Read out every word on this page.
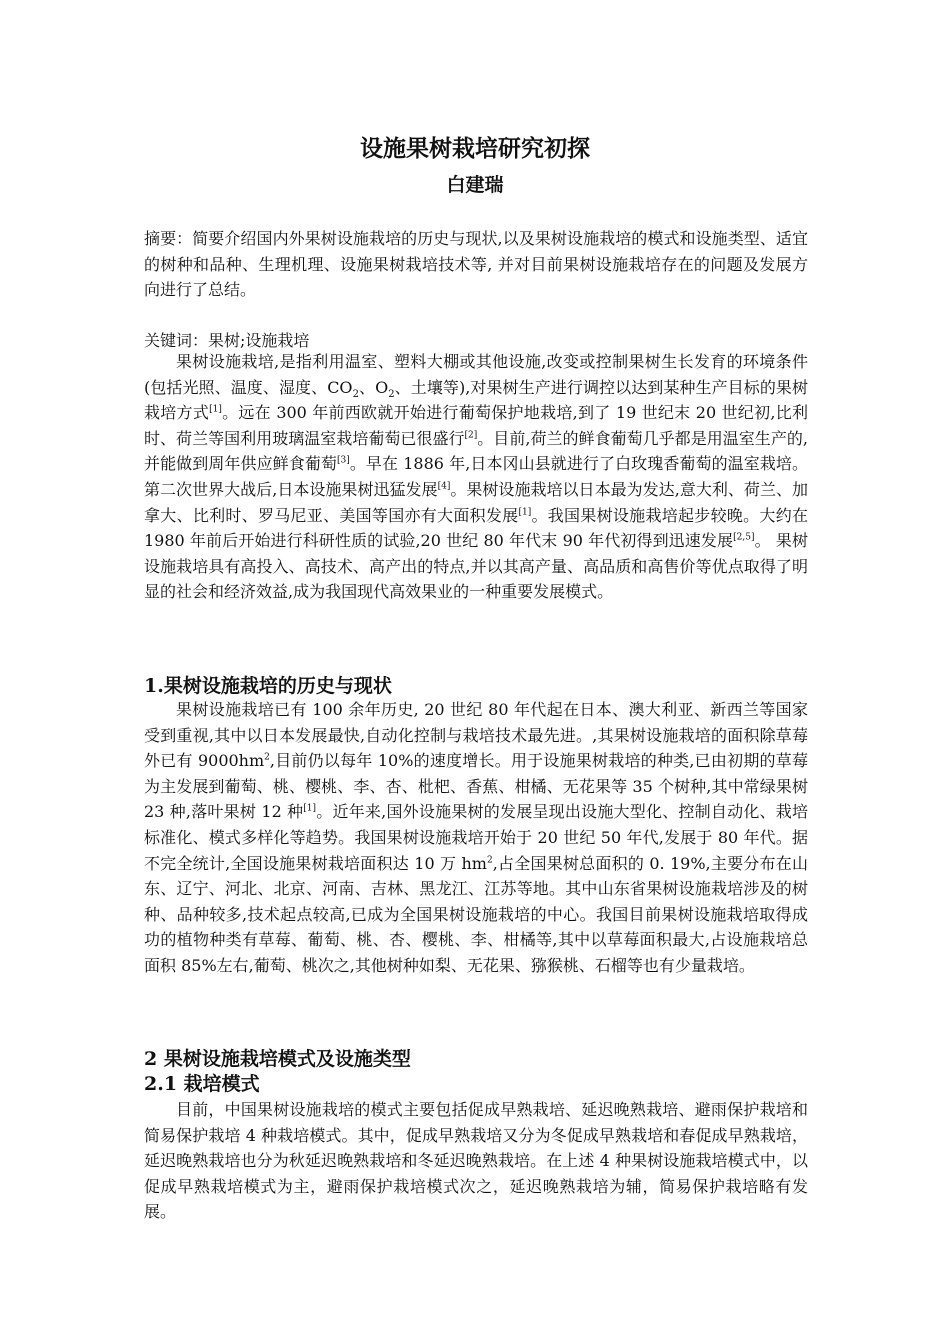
设施果树栽培研究初探
白建瑞
摘要：简要介绍国内外果树设施栽培的历史与现状,以及果树设施栽培的模式和设施类型、适宜的树种和品种、生理机理、设施果树栽培技术等, 并对目前果树设施栽培存在的问题及发展方向进行了总结。
关键词：果树;设施栽培
果树设施栽培,是指利用温室、塑料大棚或其他设施,改变或控制果树生长发育的环境条件(包括光照、温度、湿度、$CO_2$、$O_2$、土壤等),对果树生产进行调控以达到某种生产目标的果树栽培方式[1]。远在 300 年前西欧就开始进行葡萄保护地栽培,到了 19 世纪末 20 世纪初,比利时、荷兰等国利用玻璃温室栽培葡萄已很盛行[2]。目前,荷兰的鲜食葡萄几乎都是用温室生产的,并能做到周年供应鲜食葡萄[3]。早在 1886 年,日本冈山县就进行了白玫瑰香葡萄的温室栽培。第二次世界大战后,日本设施果树迅猛发展[4]。果树设施栽培以日本最为发达,意大利、荷兰、加拿大、比利时、罗马尼亚、美国等国亦有大面积发展[1]。我国果树设施栽培起步较晚。大约在 1980 年前后开始进行科研性质的试验,20 世纪 80 年代末 90 年代初得到迅速发展[2,5]。 果树设施栽培具有高投入、高技术、高产出的特点,并以其高产量、高品质和高售价等优点取得了明显的社会和经济效益,成为我国现代高效果业的一种重要发展模式。
1.果树设施栽培的历史与现状
果树设施栽培已有 100 余年历史, 20 世纪 80 年代起在日本、澳大利亚、新西兰等国家受到重视,其中以日本发展最快,自动化控制与栽培技术最先进。,其果树设施栽培的面积除草莓外已有 $9000hm^2$,目前仍以每年 10%的速度增长。用于设施果树栽培的种类,已由初期的草莓为主发展到葡萄、桃、樱桃、李、杏、枇杷、香蕉、柑橘、无花果等 35 个树种,其中常绿果树 23 种,落叶果树 12 种[1]。近年来,国外设施果树的发展呈现出设施大型化、控制自动化、栽培标准化、模式多样化等趋势。我国果树设施栽培开始于 20 世纪 50 年代,发展于 80 年代。据不完全统计,全国设施果树栽培面积达 10 万 $hm^2$,占全国果树总面积的 0. 19%,主要分布在山东、辽宁、河北、北京、河南、吉林、黑龙江、江苏等地。其中山东省果树设施栽培涉及的树种、品种较多,技术起点较高,已成为全国果树设施栽培的中心。我国目前果树设施栽培取得成功的植物种类有草莓、葡萄、桃、杏、樱桃、李、柑橘等,其中以草莓面积最大,占设施栽培总面积 85%左右,葡萄、桃次之,其他树种如梨、无花果、猕猴桃、石榴等也有少量栽培。
2 果树设施栽培模式及设施类型
2.1 栽培模式
目前，中国果树设施栽培的模式主要包括促成早熟栽培、延迟晚熟栽培、避雨保护栽培和简易保护栽培 4 种栽培模式。其中，促成早熟栽培又分为冬促成早熟栽培和春促成早熟栽培，延迟晚熟栽培也分为秋延迟晚熟栽培和冬延迟晚熟栽培。在上述 4 种果树设施栽培模式中，以促成早熟栽培模式为主，避雨保护栽培模式次之，延迟晚熟栽培为辅，简易保护栽培略有发展。
